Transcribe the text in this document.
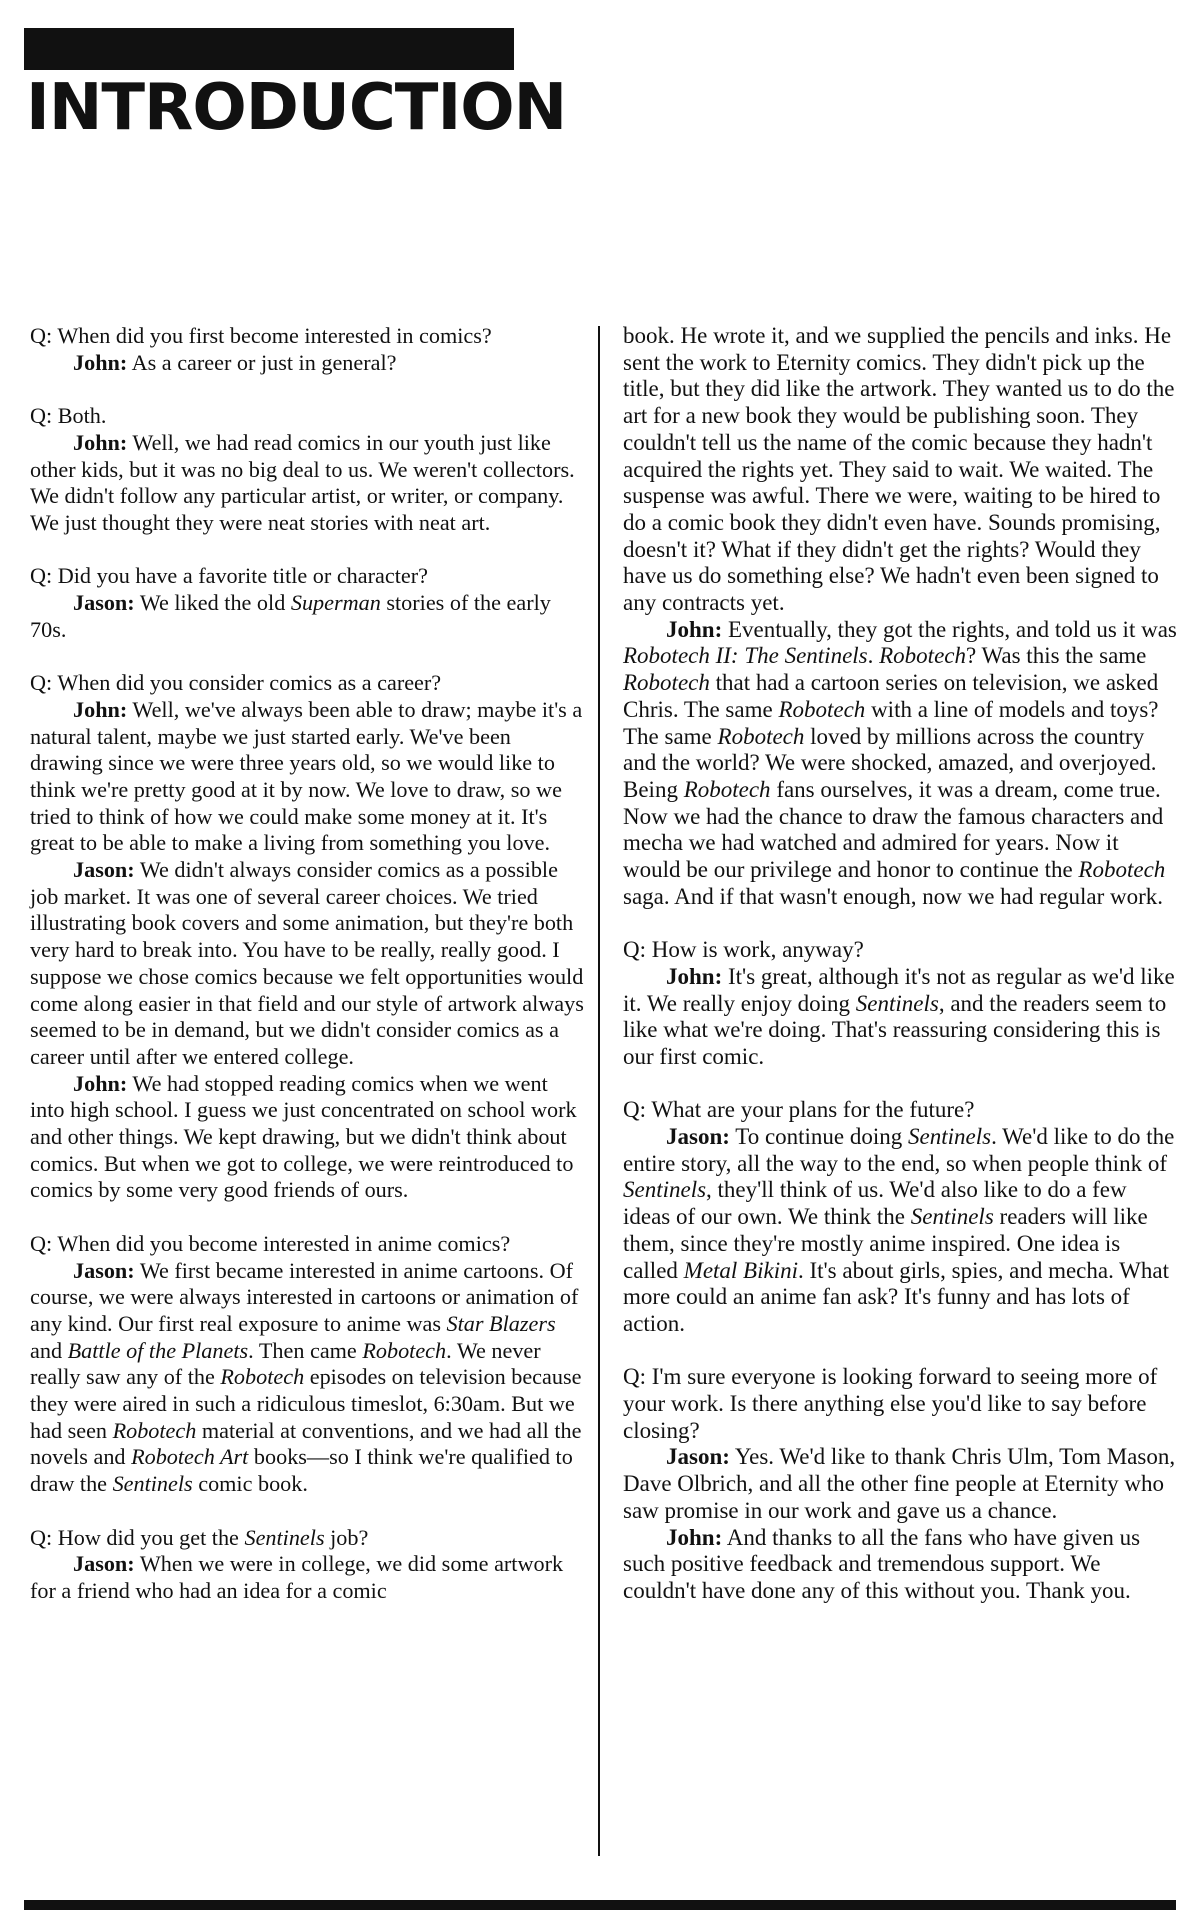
INTRODUCTION

Q: When did you first become interested in comics?

John: As a career or just in general?

Q: Both.

John: Well, we had read comics in our youth just like other kids, but it was no big deal to us. We weren't collectors. We didn't follow any particular artist, or writer, or company. We just thought they were neat stories with neat art.

Q: Did you have a favorite title or character?

Jason: We liked the old Superman stories of the early 70s.

Q: When did you consider comics as a career?

John: Well, we've always been able to draw; maybe it's a natural talent, maybe we just started early. We've been drawing since we were three years old, so we would like to think we're pretty good at it by now. We love to draw, so we tried to think of how we could make some money at it. It's great to be able to make a living from something you love.

Jason: We didn't always consider comics as a possible job market. It was one of several career choices. We tried illustrating book covers and some animation, but they're both very hard to break into. You have to be really, really good. I suppose we chose comics because we felt opportunities would come along easier in that field and our style of artwork always seemed to be in demand, but we didn't consider comics as a career until after we entered college.

John: We had stopped reading comics when we went into high school. I guess we just concentrated on school work and other things. We kept drawing, but we didn't think about comics. But when we got to college, we were reintroduced to comics by some very good friends of ours.

Q: When did you become interested in anime comics?

Jason: We first became interested in anime cartoons. Of course, we were always interested in cartoons or animation of any kind. Our first real exposure to anime was Star Blazers and Battle of the Planets. Then came Robotech. We never really saw any of the Robotech episodes on television because they were aired in such a ridiculous timeslot, 6:30am. But we had seen Robotech material at conventions, and we had all the novels and Robotech Art books—so I think we're qualified to draw the Sentinels comic book.

Q: How did you get the Sentinels job?

Jason: When we were in college, we did some artwork for a friend who had an idea for a comic

book. He wrote it, and we supplied the pencils and inks. He sent the work to Eternity comics. They didn't pick up the title, but they did like the artwork. They wanted us to do the art for a new book they would be publishing soon. They couldn't tell us the name of the comic because they hadn't acquired the rights yet. They said to wait. We waited. The suspense was awful. There we were, waiting to be hired to do a comic book they didn't even have. Sounds promising, doesn't it? What if they didn't get the rights? Would they have us do something else? We hadn't even been signed to any contracts yet.

John: Eventually, they got the rights, and told us it was Robotech II: The Sentinels. Robotech? Was this the same Robotech that had a cartoon series on television, we asked Chris. The same Robotech with a line of models and toys? The same Robotech loved by millions across the country and the world? We were shocked, amazed, and overjoyed. Being Robotech fans ourselves, it was a dream, come true. Now we had the chance to draw the famous characters and mecha we had watched and admired for years. Now it would be our privilege and honor to continue the Robotech saga. And if that wasn't enough, now we had regular work.

Q: How is work, anyway?

John: It's great, although it's not as regular as we'd like it. We really enjoy doing Sentinels, and the readers seem to like what we're doing. That's reassuring considering this is our first comic.

Q: What are your plans for the future?

Jason: To continue doing Sentinels. We'd like to do the entire story, all the way to the end, so when people think of Sentinels, they'll think of us. We'd also like to do a few ideas of our own. We think the Sentinels readers will like them, since they're mostly anime inspired. One idea is called Metal Bikini. It's about girls, spies, and mecha. What more could an anime fan ask? It's funny and has lots of action.

Q: I'm sure everyone is looking forward to seeing more of your work. Is there anything else you'd like to say before closing?

Jason: Yes. We'd like to thank Chris Ulm, Tom Mason, Dave Olbrich, and all the other fine people at Eternity who saw promise in our work and gave us a chance.

John: And thanks to all the fans who have given us such positive feedback and tremendous support. We couldn't have done any of this without you. Thank you.
